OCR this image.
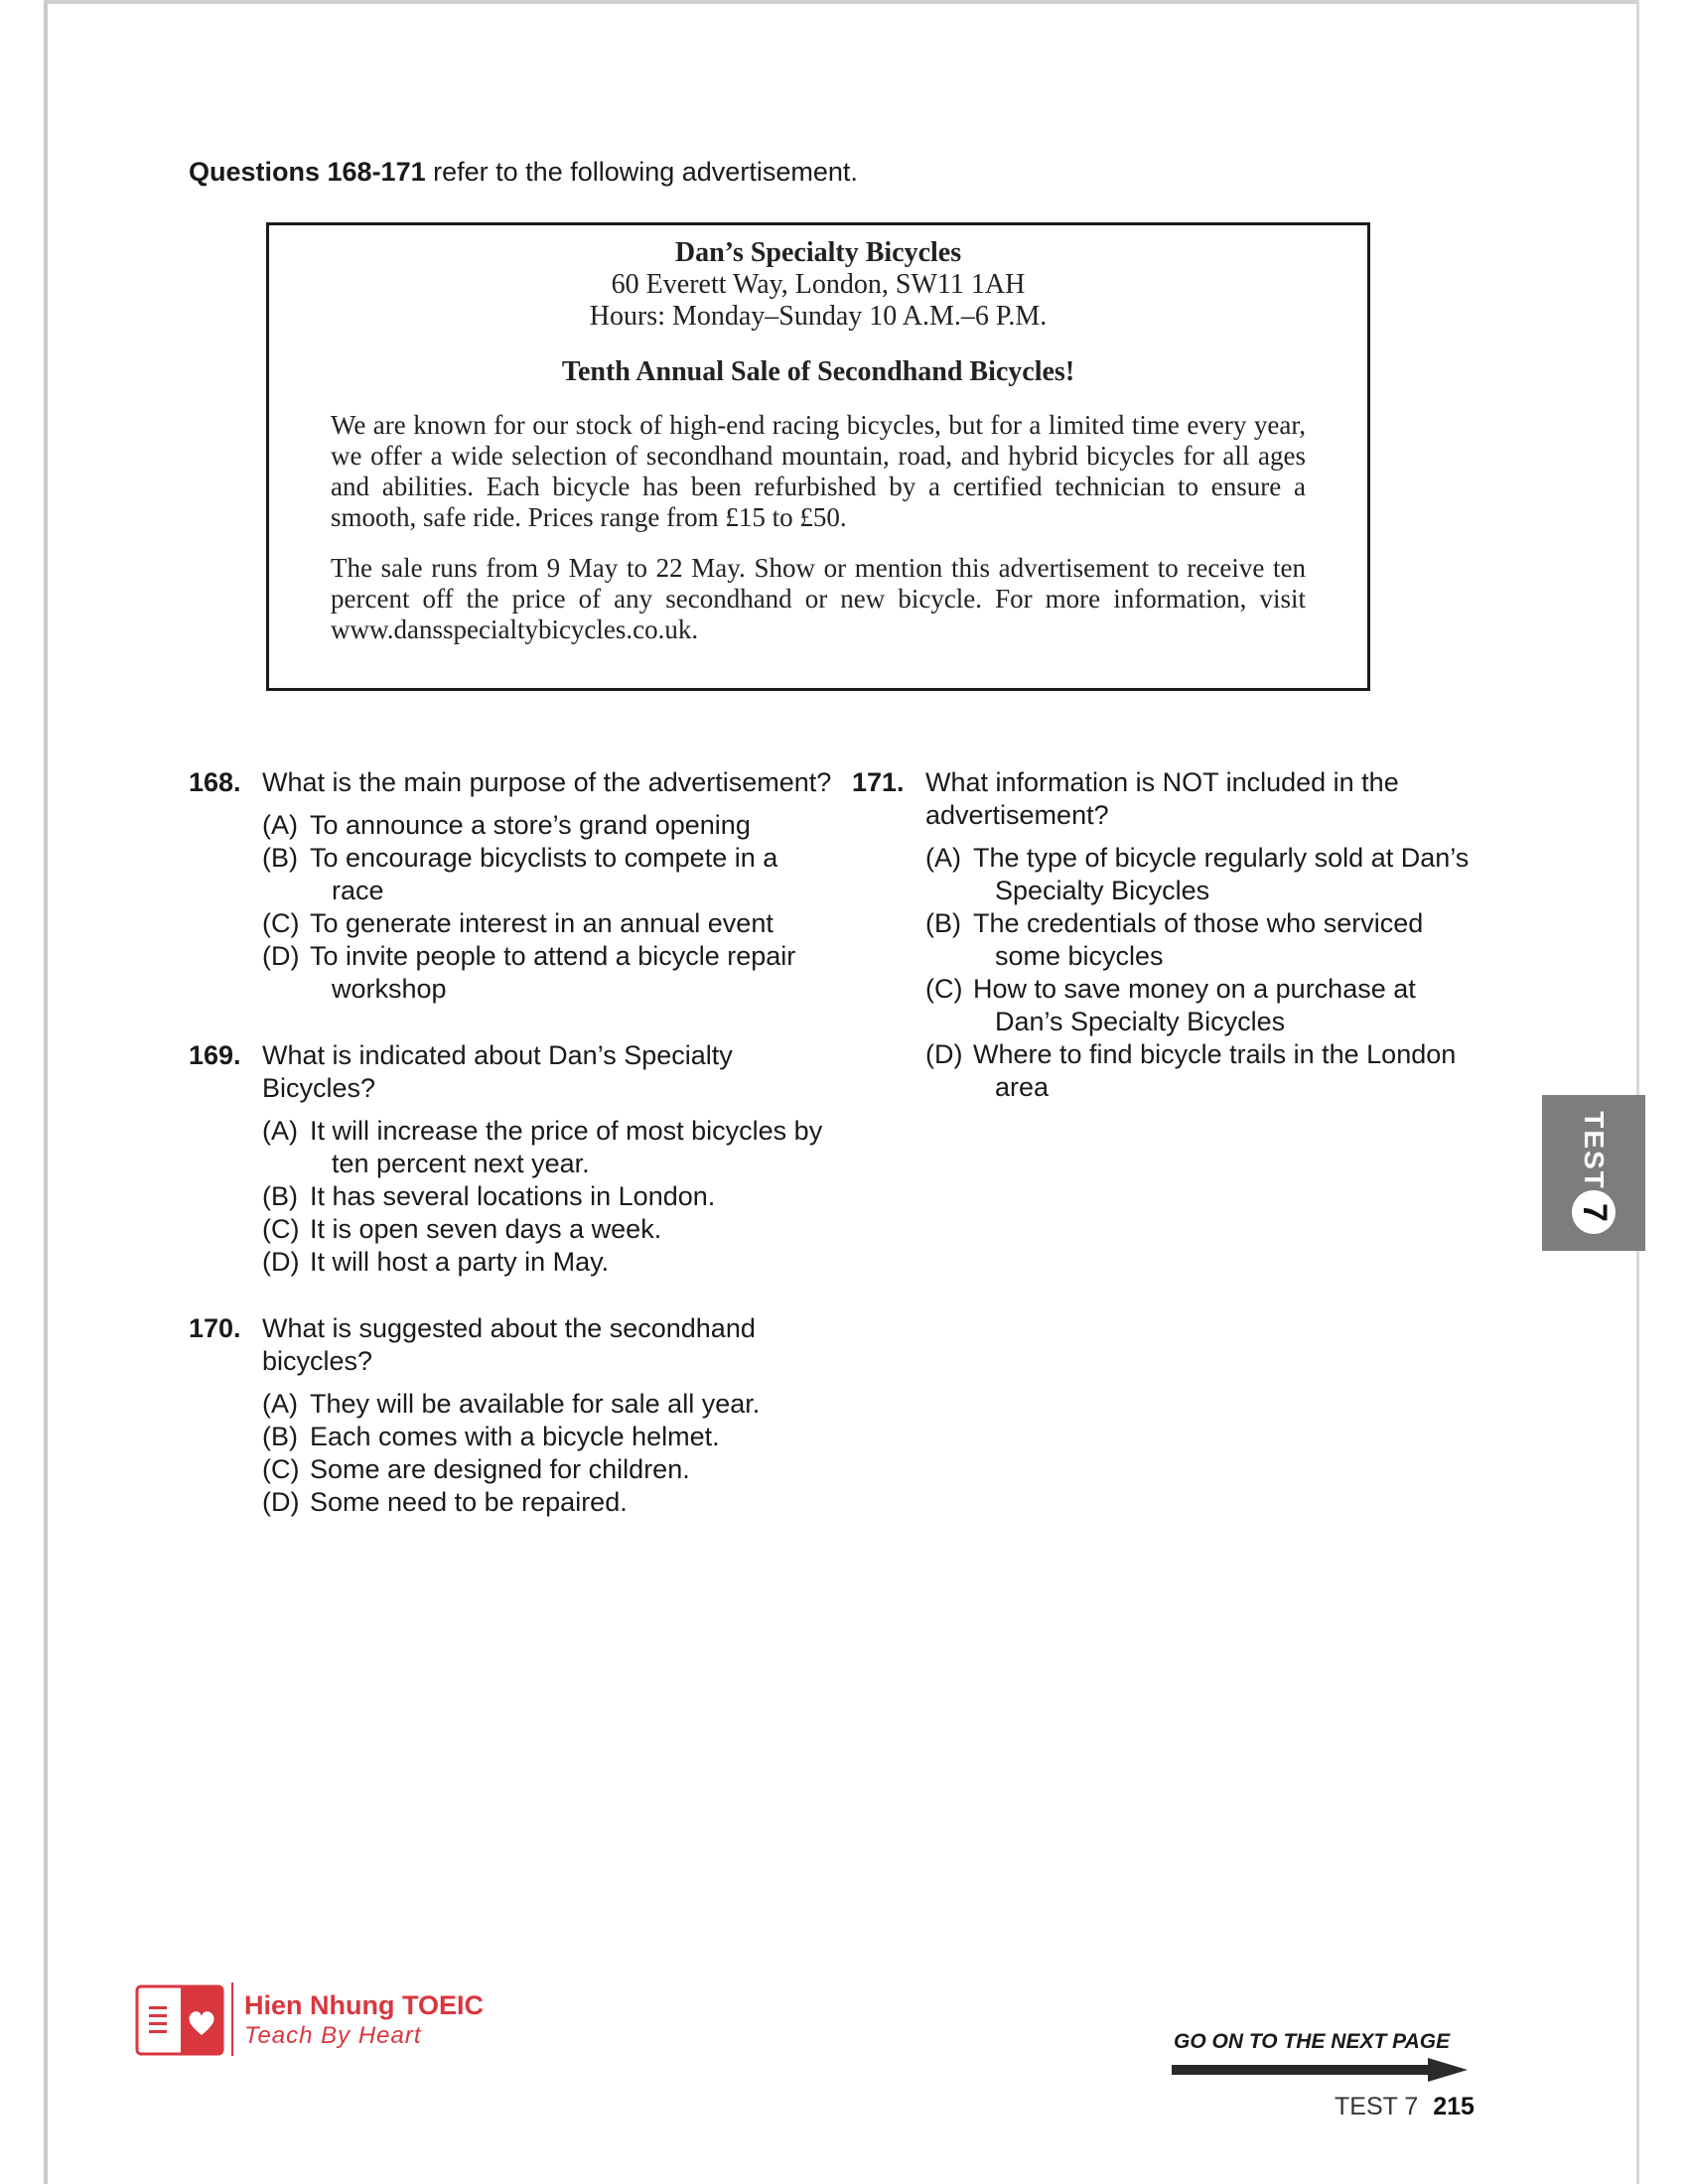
Questions 168-171 refer to the following advertisement.
Dan’s Specialty Bicycles
60 Everett Way, London, SW11 1AH
Hours: Monday–Sunday 10 A.M.–6 P.M.
Tenth Annual Sale of Secondhand Bicycles!

We are known for our stock of high-end racing bicycles, but for a limited time every year, we offer a wide selection of secondhand mountain, road, and hybrid bicycles for all ages and abilities. Each bicycle has been refurbished by a certified technician to ensure a smooth, safe ride. Prices range from £15 to £50.

The sale runs from 9 May to 22 May. Show or mention this advertisement to receive ten percent off the price of any secondhand or new bicycle. For more information, visit www.dansspecialtybicycles.co.uk.

168. What is the main purpose of the advertisement?
(A) To announce a store’s grand opening
(B) To encourage bicyclists to compete in a race
(C) To generate interest in an annual event
(D) To invite people to attend a bicycle repair workshop
169. What is indicated about Dan’s Specialty Bicycles?
(A) It will increase the price of most bicycles by ten percent next year.
(B) It has several locations in London.
(C) It is open seven days a week.
(D) It will host a party in May.
170. What is suggested about the secondhand bicycles?
(A) They will be available for sale all year.
(B) Each comes with a bicycle helmet.
(C) Some are designed for children.
(D) Some need to be repaired.
171. What information is NOT included in the advertisement?
(A) The type of bicycle regularly sold at Dan’s Specialty Bicycles
(B) The credentials of those who serviced some bicycles
(C) How to save money on a purchase at Dan’s Specialty Bicycles
(D) Where to find bicycle trails in the London area
TEST
7
Hien Nhung TOEIC
Teach By Heart	GO ON TO THE NEXT PAGE
TEST 7 215
